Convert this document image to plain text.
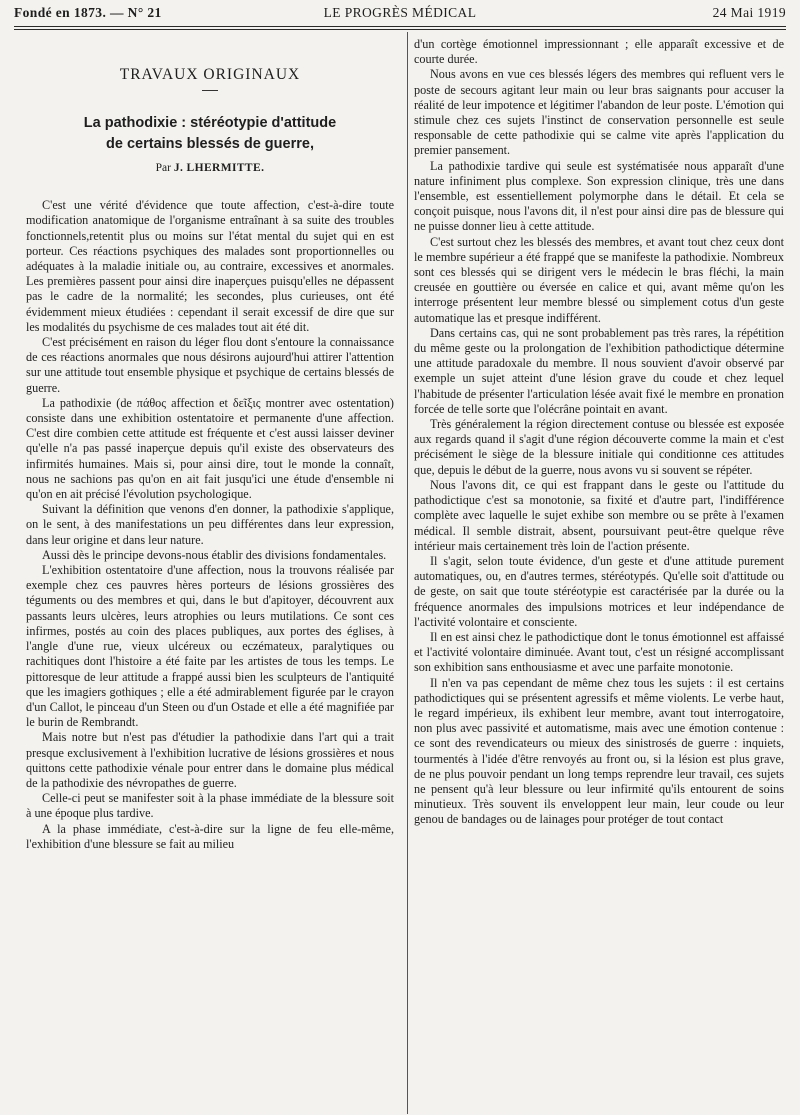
Fondé en 1873. — N° 21	LE PROGRÈS MÉDICAL	24 Mai 1919
TRAVAUX ORIGINAUX
La pathodixie : stéréotypie d'attitude
de certains blessés de guerre,
Par J. LHERMITTE.

C'est une vérité d'évidence que toute affection, c'est-à-dire toute modification anatomique de l'organisme entraînant à sa suite des troubles fonctionnels,retentit plus ou moins sur l'état mental du sujet qui en est porteur. Ces réactions psychiques des malades sont proportionnelles ou adéquates à la maladie initiale ou, au contraire, excessives et anormales. Les premières passent pour ainsi dire inaperçues puisqu'elles ne dépassent pas le cadre de la normalité; les secondes, plus curieuses, ont été évidemment mieux étudiées : cependant il serait excessif de dire que sur les modalités du psychisme de ces malades tout ait été dit.

C'est précisément en raison du léger flou dont s'entoure la connaissance de ces réactions anormales que nous désirons aujourd'hui attirer l'attention sur une attitude tout ensemble physique et psychique de certains blessés de guerre.

La pathodixie (de πάθος affection et δεῖξις montrer avec ostentation) consiste dans une exhibition ostentatoire et permanente d'une affection. C'est dire combien cette attitude est fréquente et c'est aussi laisser deviner qu'elle n'a pas passé inaperçue depuis qu'il existe des observateurs des infirmités humaines. Mais si, pour ainsi dire, tout le monde la connaît, nous ne sachions pas qu'on en ait fait jusqu'ici une étude d'ensemble ni qu'on en ait précisé l'évolution psychologique.

Suivant la définition que venons d'en donner, la pathodixie s'applique, on le sent, à des manifestations un peu différentes dans leur expression, dans leur origine et dans leur nature.

Aussi dès le principe devons-nous établir des divisions fondamentales.

L'exhibition ostentatoire d'une affection, nous la trouvons réalisée par exemple chez ces pauvres hères porteurs de lésions grossières des téguments ou des membres et qui, dans le but d'apitoyer, découvrent aux passants leurs ulcères, leurs atrophies ou leurs mutilations. Ce sont ces infirmes, postés au coin des places publiques, aux portes des églises, à l'angle d'une rue, vieux ulcéreux ou eczémateux, paralytiques ou rachitiques dont l'histoire a été faite par les artistes de tous les temps. Le pittoresque de leur attitude a frappé aussi bien les sculpteurs de l'antiquité que les imagiers gothiques ; elle a été admirablement figurée par le crayon d'un Callot, le pinceau d'un Steen ou d'un Ostade et elle a été magnifiée par le burin de Rembrandt.

Mais notre but n'est pas d'étudier la pathodixie dans l'art qui a trait presque exclusivement à l'exhibition lucrative de lésions grossières et nous quittons cette pathodixie vénale pour entrer dans le domaine plus médical de la pathodixie des névropathes de guerre.

Celle-ci peut se manifester soit à la phase immédiate de la blessure soit à une époque plus tardive.

A la phase immédiate, c'est-à-dire sur la ligne de feu elle-même, l'exhibition d'une blessure se fait au milieu

d'un cortège émotionnel impressionnant ; elle apparaît excessive et de courte durée.

Nous avons en vue ces blessés légers des membres qui refluent vers le poste de secours agitant leur main ou leur bras saignants pour accuser la réalité de leur impotence et légitimer l'abandon de leur poste. L'émotion qui stimule chez ces sujets l'instinct de conservation personnelle est seule responsable de cette pathodixie qui se calme vite après l'application du premier pansement.

La pathodixie tardive qui seule est systématisée nous apparaît d'une nature infiniment plus complexe. Son expression clinique, très une dans l'ensemble, est essentiellement polymorphe dans le détail. Et cela se conçoit puisque, nous l'avons dit, il n'est pour ainsi dire pas de blessure qui ne puisse donner lieu à cette attitude.

C'est surtout chez les blessés des membres, et avant tout chez ceux dont le membre supérieur a été frappé que se manifeste la pathodixie. Nombreux sont ces blessés qui se dirigent vers le médecin le bras fléchi, la main creusée en gouttière ou éversée en calice et qui, avant même qu'on les interroge présentent leur membre blessé ou simplement cotus d'un geste automatique las et presque indifférent.

Dans certains cas, qui ne sont probablement pas très rares, la répétition du même geste ou la prolongation de l'exhibition pathodictique détermine une attitude paradoxale du membre. Il nous souvient d'avoir observé par exemple un sujet atteint d'une lésion grave du coude et chez lequel l'habitude de présenter l'articulation lésée avait fixé le membre en pronation forcée de telle sorte que l'olécrâne pointait en avant.

Très généralement la région directement contuse ou blessée est exposée aux regards quand il s'agit d'une région découverte comme la main et c'est précisément le siège de la blessure initiale qui conditionne ces attitudes que, depuis le début de la guerre, nous avons vu si souvent se répéter.

Nous l'avons dit, ce qui est frappant dans le geste ou l'attitude du pathodictique c'est sa monotonie, sa fixité et d'autre part, l'indifférence complète avec laquelle le sujet exhibe son membre ou se prête à l'examen médical. Il semble distrait, absent, poursuivant peut-être quelque rêve intérieur mais certainement très loin de l'action présente.

Il s'agit, selon toute évidence, d'un geste et d'une attitude purement automatiques, ou, en d'autres termes, stéréotypés. Qu'elle soit d'attitude ou de geste, on sait que toute stéréotypie est caractérisée par la durée ou la fréquence anormales des impulsions motrices et leur indépendance de l'activité volontaire et consciente.

Il en est ainsi chez le pathodictique dont le tonus émotionnel est affaissé et l'activité volontaire diminuée. Avant tout, c'est un résigné accomplissant son exhibition sans enthousiasme et avec une parfaite monotonie.

Il n'en va pas cependant de même chez tous les sujets : il est certains pathodictiques qui se présentent agressifs et même violents. Le verbe haut, le regard impérieux, ils exhibent leur membre, avant tout interrogatoire, non plus avec passivité et automatisme, mais avec une émotion contenue : ce sont des revendicateurs ou mieux des sinistrosés de guerre : inquiets, tourmentés à l'idée d'être renvoyés au front ou, si la lésion est plus grave, de ne plus pouvoir pendant un long temps reprendre leur travail, ces sujets ne pensent qu'à leur blessure ou leur infirmité qu'ils entourent de soins minutieux. Très souvent ils enveloppent leur main, leur coude ou leur genou de bandages ou de lainages pour protéger de tout contact
